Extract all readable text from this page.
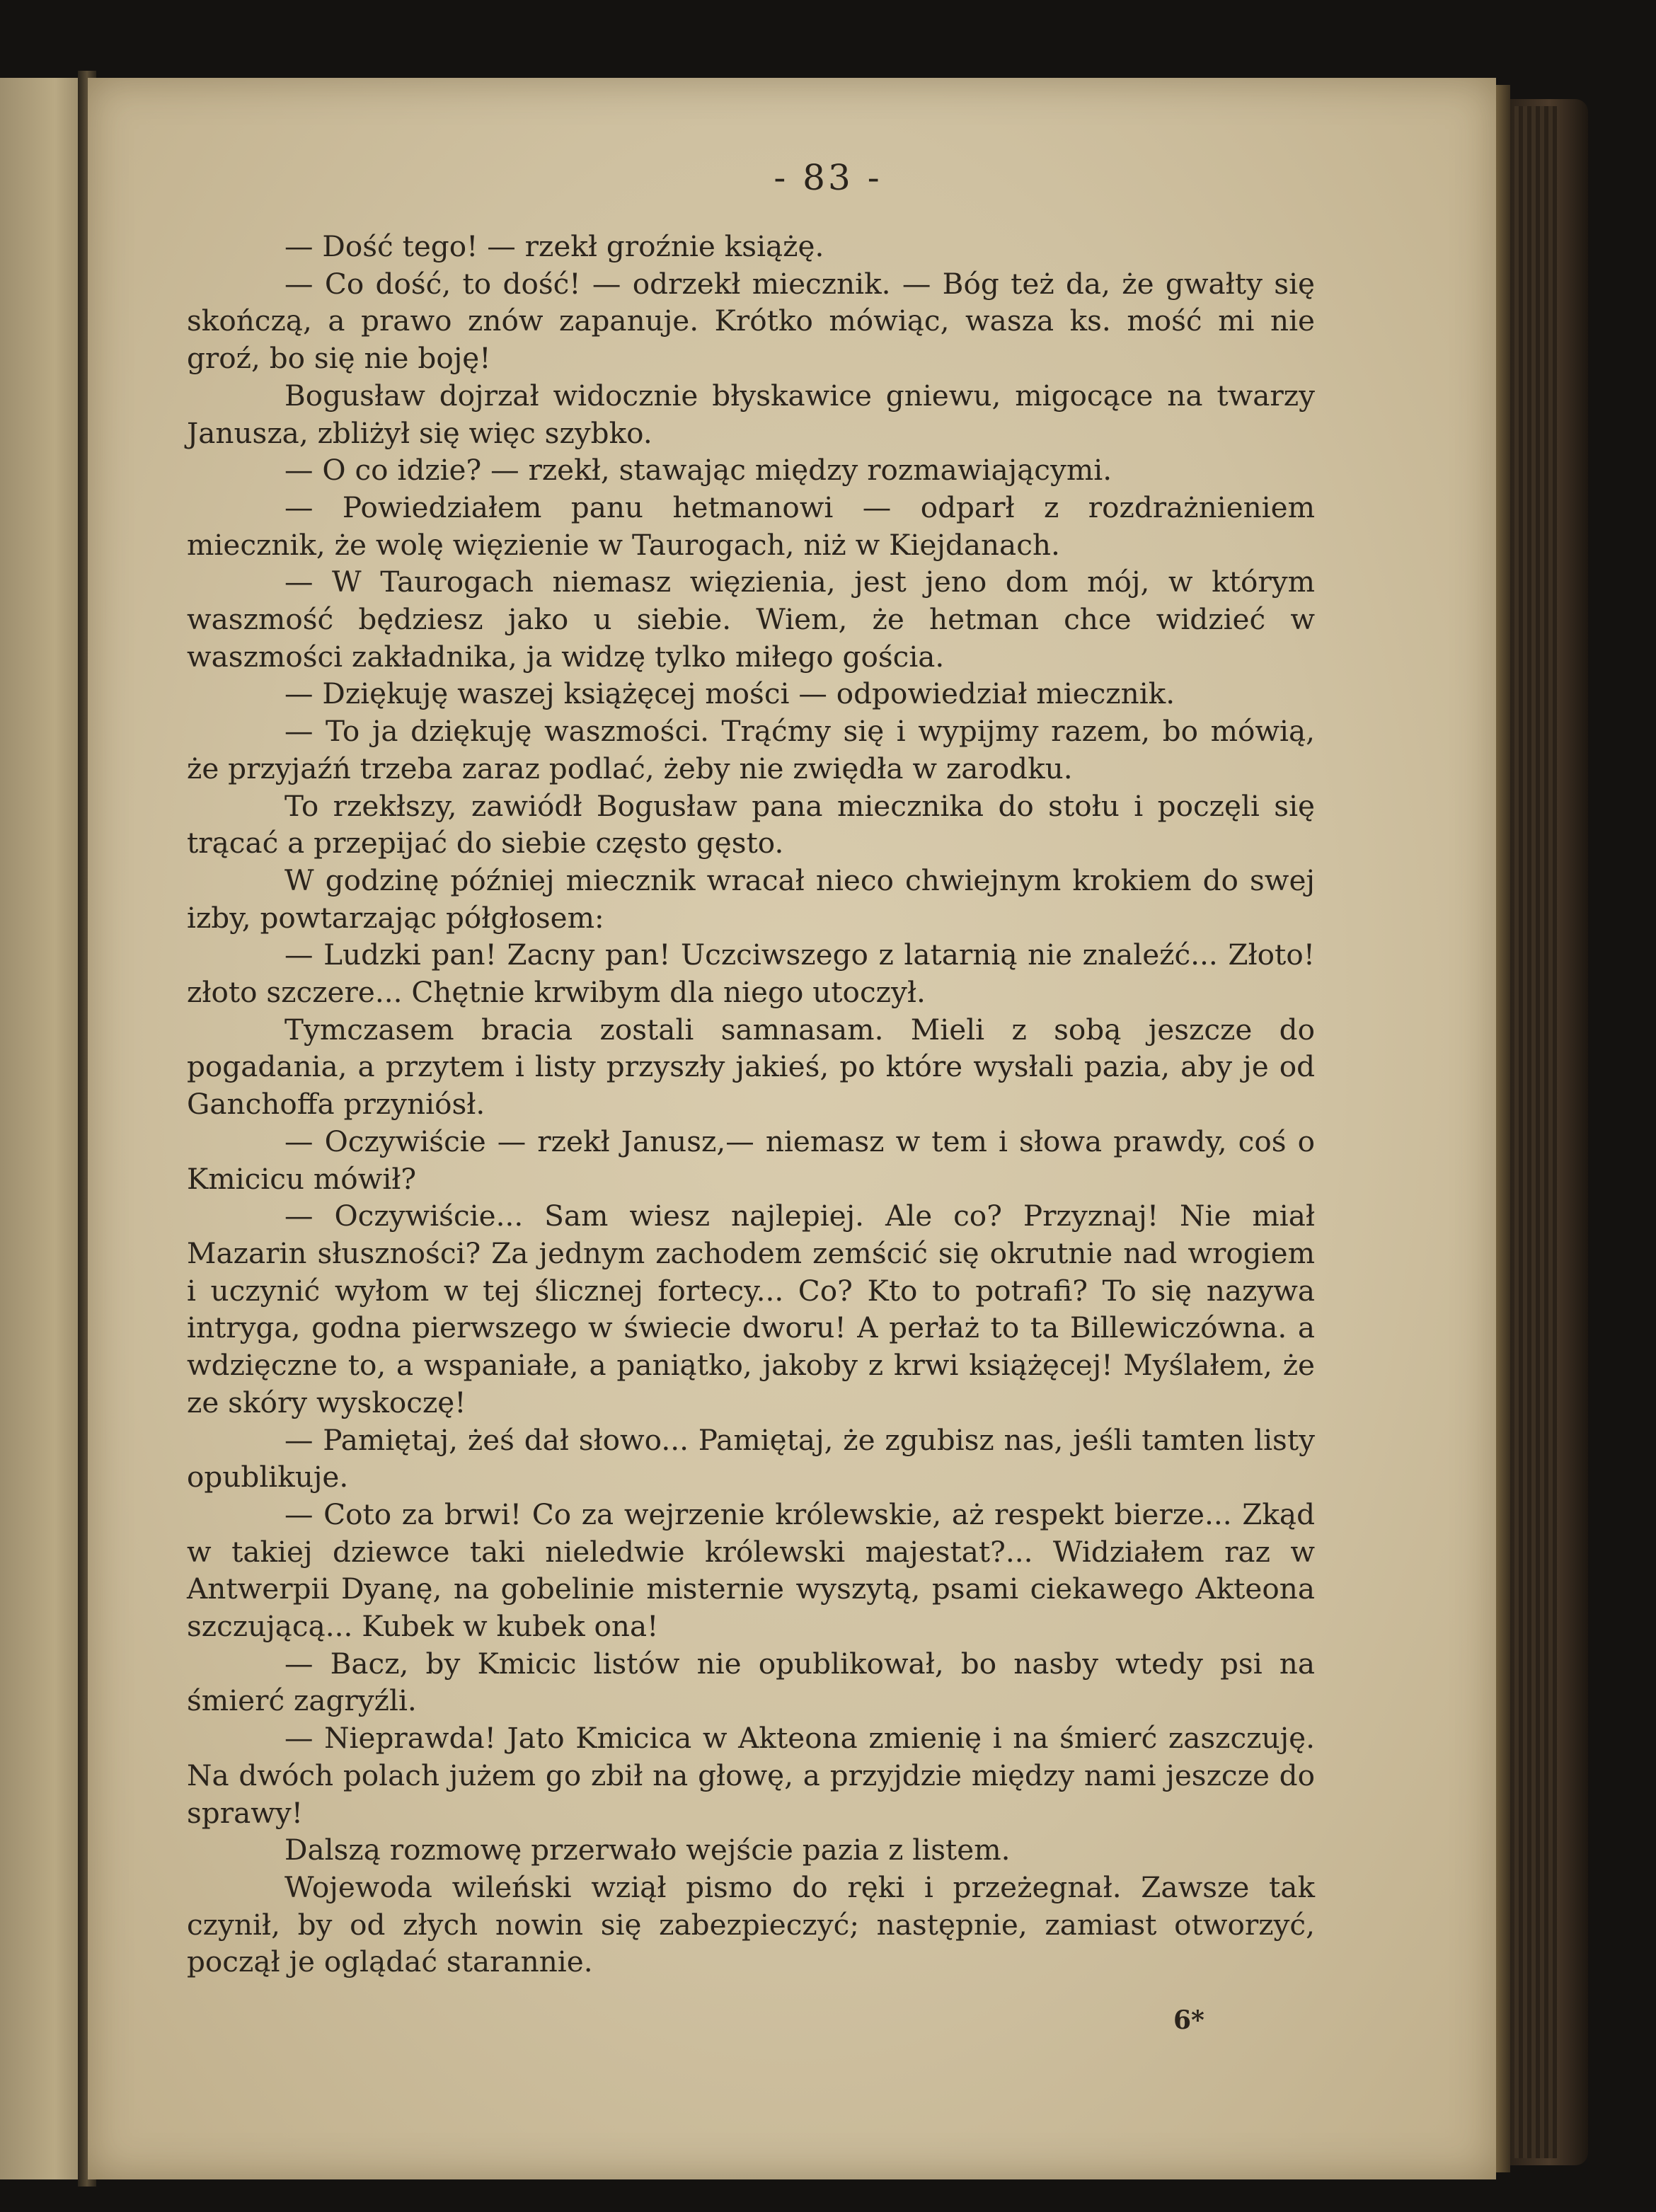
- 83 -

— Dość tego! — rzekł groźnie książę.

— Co dość, to dość! — odrzekł miecznik. — Bóg też da, że gwałty się skończą, a prawo znów zapanuje. Krótko mówiąc, wasza ks. mość mi nie groź, bo się nie boję!

Bogusław dojrzał widocznie błyskawice gniewu, migocące na twarzy Janusza, zbliżył się więc szybko.

— O co idzie? — rzekł, stawając między rozmawiającymi.

— Powiedziałem panu hetmanowi — odparł z rozdrażnieniem miecznik, że wolę więzienie w Taurogach, niż w Kiejdanach.

— W Taurogach niemasz więzienia, jest jeno dom mój, w którym waszmość będziesz jako u siebie. Wiem, że hetman chce widzieć w waszmości zakładnika, ja widzę tylko miłego gościa.

— Dziękuję waszej książęcej mości — odpowiedział miecznik.

— To ja dziękuję waszmości. Trąćmy się i wypijmy razem, bo mówią, że przyjaźń trzeba zaraz podlać, żeby nie zwiędła w zarodku.

To rzekłszy, zawiódł Bogusław pana miecznika do stołu i poczęli się trącać a przepijać do siebie często gęsto.

W godzinę później miecznik wracał nieco chwiejnym krokiem do swej izby, powtarzając półgłosem:

— Ludzki pan! Zacny pan! Uczciwszego z latarnią nie znaleźć... Złoto! złoto szczere... Chętnie krwibym dla niego utoczył.

Tymczasem bracia zostali samnasam. Mieli z sobą jeszcze do pogadania, a przytem i listy przyszły jakieś, po które wysłali pazia, aby je od Ganchoffa przyniósł.

— Oczywiście — rzekł Janusz,— niemasz w tem i słowa prawdy, coś o Kmicicu mówił?

— Oczywiście... Sam wiesz najlepiej. Ale co? Przyznaj! Nie miał Mazarin słuszności? Za jednym zachodem zemścić się okrutnie nad wrogiem i uczynić wyłom w tej ślicznej fortecy... Co? Kto to potrafi? To się nazywa intryga, godna pierwszego w świecie dworu! A perłaż to ta Billewiczówna. a wdzięczne to, a wspaniałe, a paniątko, jakoby z krwi książęcej! Myślałem, że ze skóry wyskoczę!

— Pamiętaj, żeś dał słowo... Pamiętaj, że zgubisz nas, jeśli tamten listy opublikuje.

— Coto za brwi! Co za wejrzenie królewskie, aż respekt bierze... Zkąd w takiej dziewce taki nieledwie królewski majestat?... Widziałem raz w Antwerpii Dyanę, na gobelinie misternie wyszytą, psami ciekawego Akteona szczującą... Kubek w kubek ona!

— Bacz, by Kmicic listów nie opublikował, bo nasby wtedy psi na śmierć zagryźli.

— Nieprawda! Jato Kmicica w Akteona zmienię i na śmierć zaszczuję. Na dwóch polach jużem go zbił na głowę, a przyjdzie między nami jeszcze do sprawy!

Dalszą rozmowę przerwało wejście pazia z listem.

Wojewoda wileński wziął pismo do ręki i przeżegnał. Zawsze tak czynił, by od złych nowin się zabezpieczyć; następnie, zamiast otworzyć, począł je oglądać starannie.

6*
